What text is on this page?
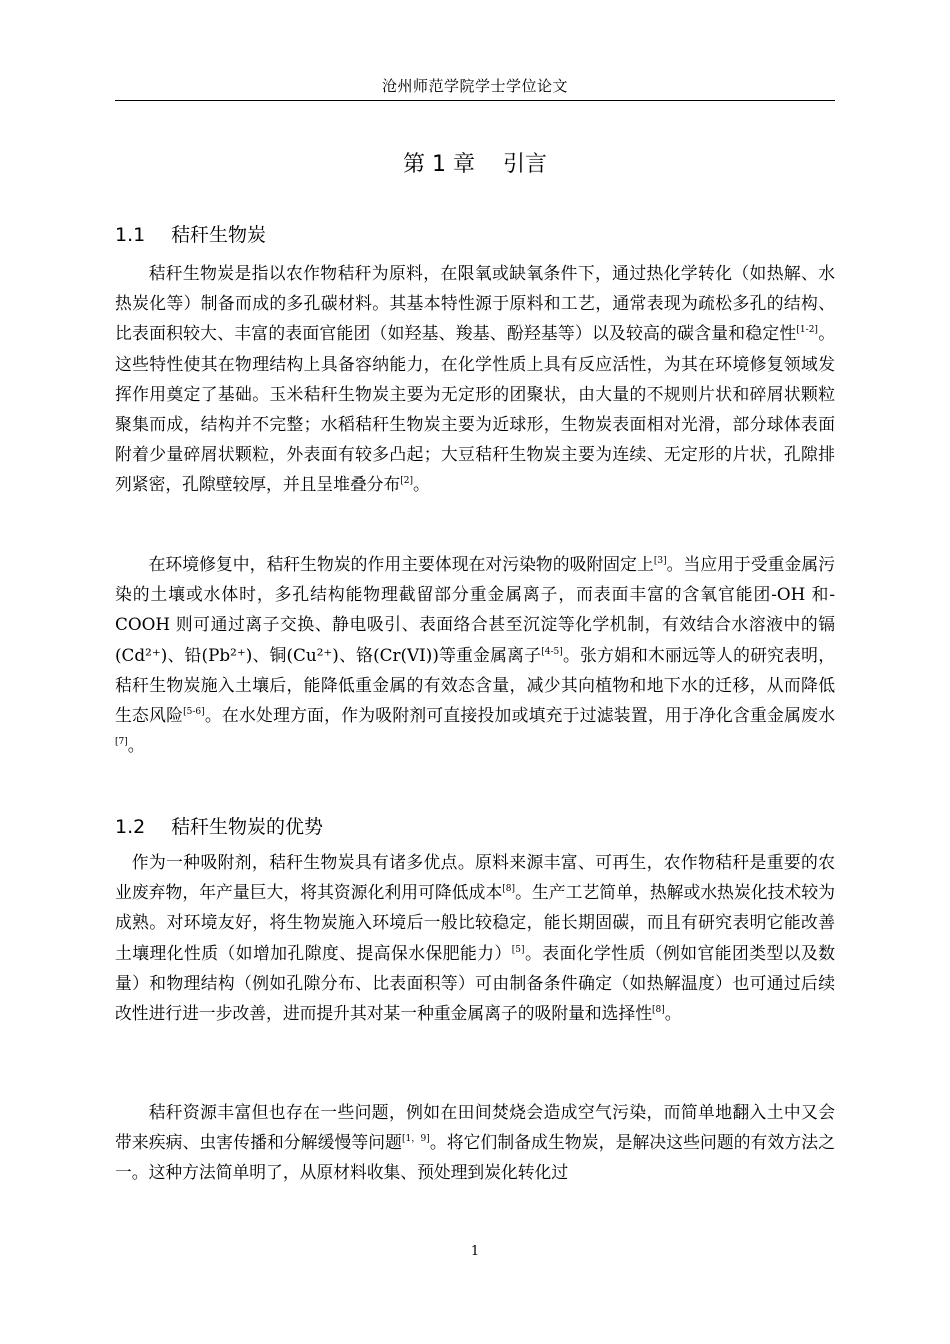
沧州师范学院学士学位论文
第 1 章    引言
1.1 秸秆生物炭

秸秆生物炭是指以农作物秸秆为原料，在限氧或缺氧条件下，通过热化学转化（如热解、水热炭化等）制备而成的多孔碳材料。其基本特性源于原料和工艺，通常表现为疏松多孔的结构、比表面积较大、丰富的表面官能团（如羟基、羧基、酚羟基等）以及较高的碳含量和稳定性[1-2]。这些特性使其在物理结构上具备容纳能力，在化学性质上具有反应活性，为其在环境修复领域发挥作用奠定了基础。玉米秸秆生物炭主要为无定形的团聚状，由大量的不规则片状和碎屑状颗粒聚集而成，结构并不完整；水稻秸秆生物炭主要为近球形，生物炭表面相对光滑，部分球体表面附着少量碎屑状颗粒，外表面有较多凸起；大豆秸秆生物炭主要为连续、无定形的片状，孔隙排列紧密，孔隙壁较厚，并且呈堆叠分布[2]。

在环境修复中，秸秆生物炭的作用主要体现在对污染物的吸附固定上[3]。当应用于受重金属污染的土壤或水体时，多孔结构能物理截留部分重金属离子，而表面丰富的含氧官能团-OH 和-COOH 则可通过离子交换、静电吸引、表面络合甚至沉淀等化学机制，有效结合水溶液中的镉(Cd²⁺)、铅(Pb²⁺)、铜(Cu²⁺)、铬(Cr(VI))等重金属离子[4-5]。张方娟和木丽远等人的研究表明，秸秆生物炭施入土壤后，能降低重金属的有效态含量，减少其向植物和地下水的迁移，从而降低生态风险[5-6]。在水处理方面，作为吸附剂可直接投加或填充于过滤装置，用于净化含重金属废水[7]。

1.2 秸秆生物炭的优势

作为一种吸附剂，秸秆生物炭具有诸多优点。原料来源丰富、可再生，农作物秸秆是重要的农业废弃物，年产量巨大，将其资源化利用可降低成本[8]。生产工艺简单，热解或水热炭化技术较为成熟。对环境友好，将生物炭施入环境后一般比较稳定，能长期固碳，而且有研究表明它能改善土壤理化性质（如增加孔隙度、提高保水保肥能力）[5]。表面化学性质（例如官能团类型以及数量）和物理结构（例如孔隙分布、比表面积等）可由制备条件确定（如热解温度）也可通过后续改性进行进一步改善，进而提升其对某一种重金属离子的吸附量和选择性[8]。

秸秆资源丰富但也存在一些问题，例如在田间焚烧会造成空气污染，而简单地翻入土中又会带来疾病、虫害传播和分解缓慢等问题[1，9]。将它们制备成生物炭，是解决这些问题的有效方法之一。这种方法简单明了，从原材料收集、预处理到炭化转化过

1
